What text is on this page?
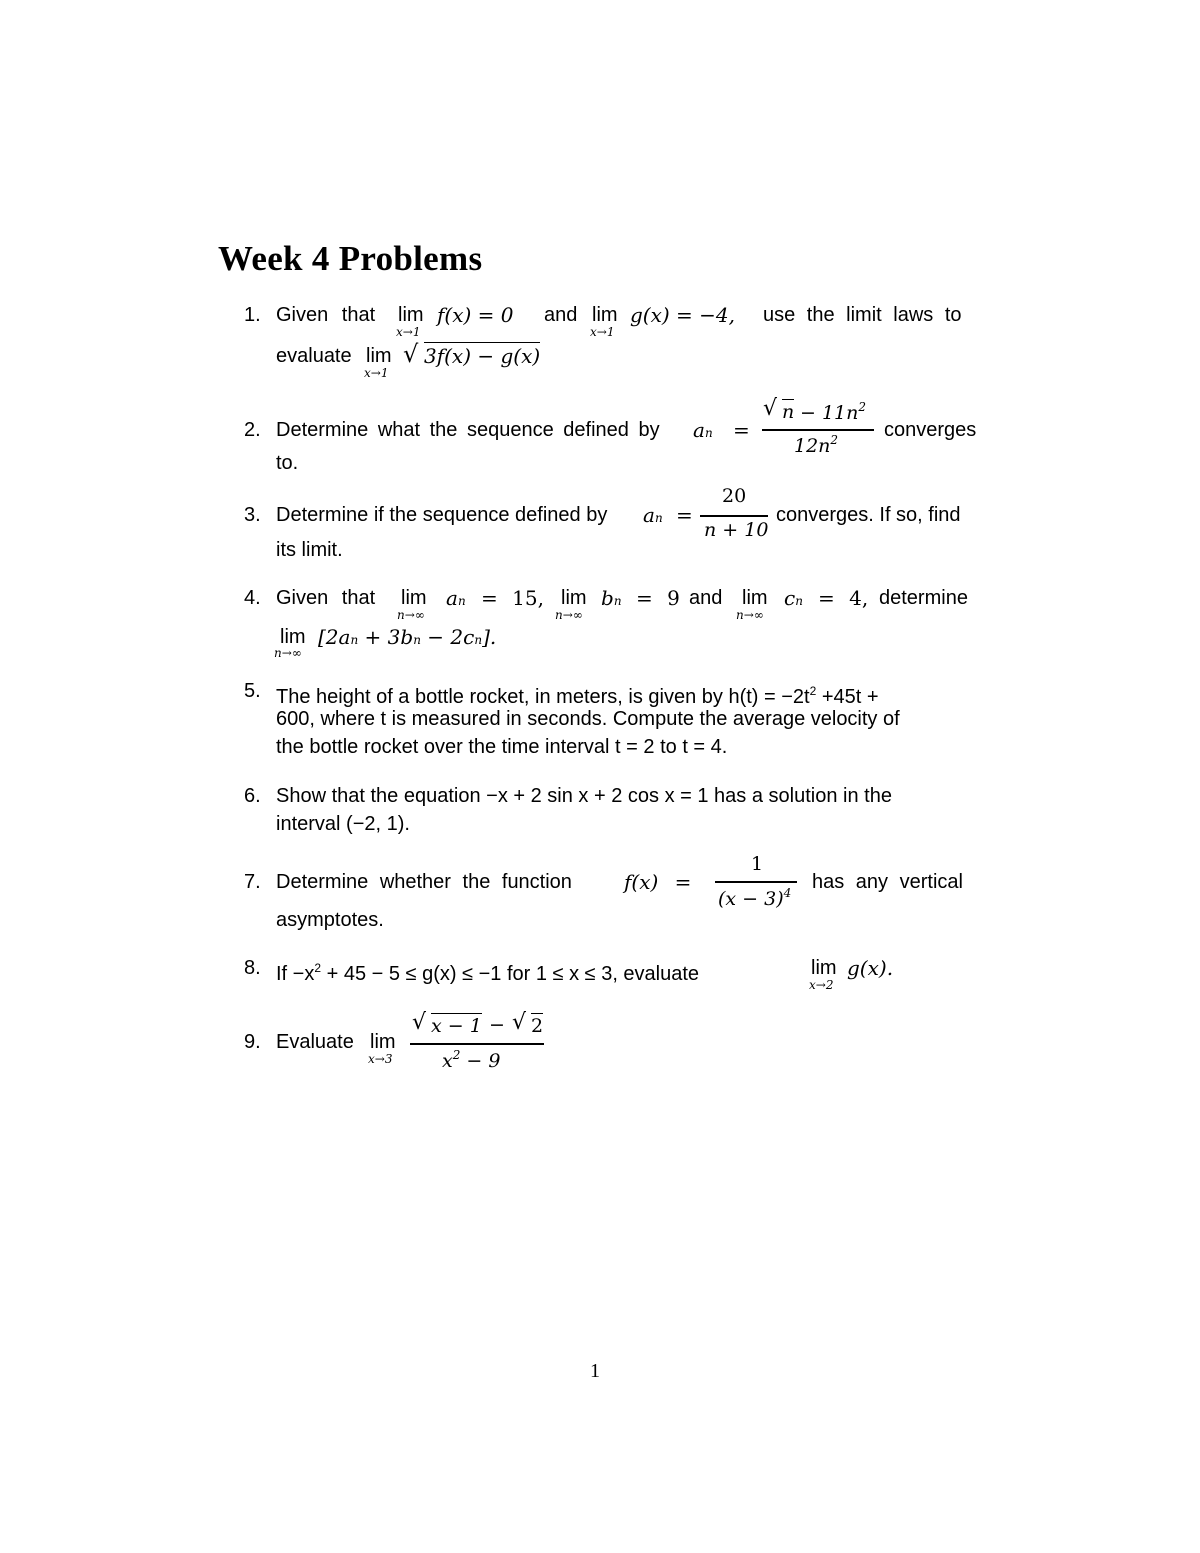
Week 4 Problems
1. Given that lim
x→1
f(x) = 0 and lim
x→1
g(x) = −4, use the limit laws to
evaluate lim
x→1
√ 3f(x) − g(x)
2. Determine what the sequence defined by an =
√ $n - 11n^2$
$12n^2$ converges
to.
3. Determine if the sequence defined by an =
20
n + 10
converges. If so, find
its limit.
4. Given that lim
n→∞
an = 15, lim
n→∞
bn = 9 and lim
n→∞
cn = 4, determine
lim
n→∞
[2an + 3bn − 2cn].
5. The height of a bottle rocket, in meters, is given by $h(t) = -2t^2 +45t$ +
600, where t is measured in seconds. Compute the average velocity of
the bottle rocket over the time interval t = 2 to t = 4.
6. Show that the equation −x + 2 sin x + 2 cos x = 1 has a solution in the
interval (−2, 1).
7. Determine whether the function	f(x) =
1
$(x - 3)^4$ has any vertical
asymptotes.
8. $If -x^2 + 45 - 5 \le g(x) \le -1$ for 1 ≤ x ≤ 3, evaluate	lim
x→2
g(x).
9. Evaluate lim
x→3
√ x − 1 − √ 2
$x^2 - 9$
1
